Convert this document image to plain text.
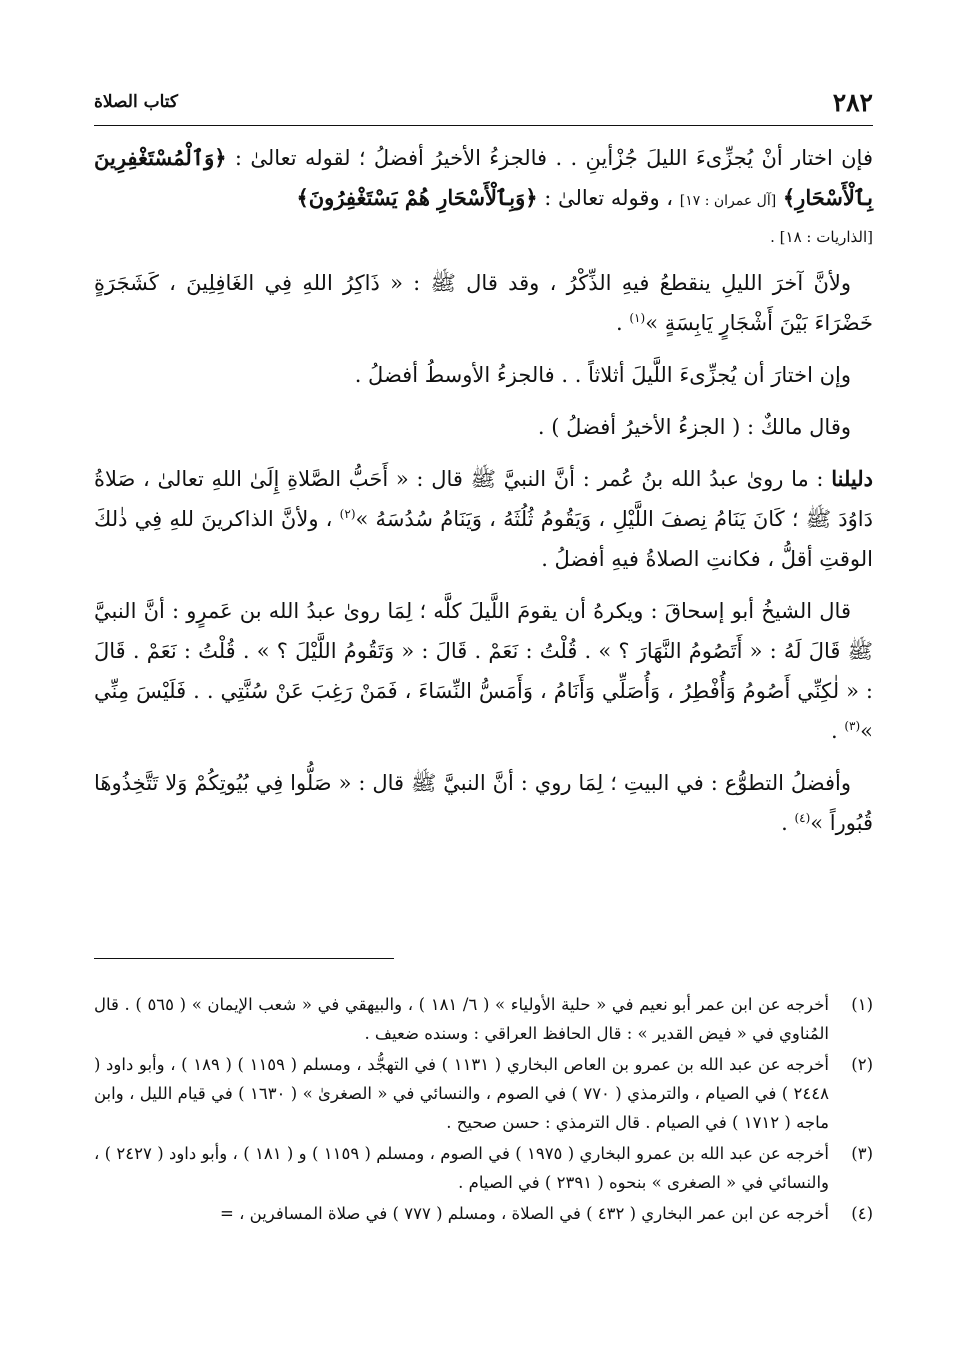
٢٨٢
كتاب الصلاة

فإن اختار أنْ يُجزِّىءَ الليلَ جُزْأينِ . . فالجزءُ الأخيرُ أفضلُ ؛ لقوله تعالىٰ : ﴿وَٱلْمُسْتَغْفِرِينَ بِٱلْأَسْحَارِ﴾ [آل عمران : ١٧] ، وقوله تعالىٰ : ﴿وَبِٱلْأَسْحَارِ هُمْ يَسْتَغْفِرُونَ﴾

[الذاريات : ١٨] .

ولأنَّ آخرَ الليلِ ينقطعُ فيهِ الذِّكْرُ ، وقد قال ﷺ : « ذَاكِرُ اللهِ فِي الغَافِلِينَ ، كَشَجَرَةٍ خَضْرَاءَ بَيْنَ أَشْجَارٍ يَابِسَةٍ »$^{(١)}$ .

وإن اختارَ أن يُجزِّىءَ اللَّيلَ أثلاثاً . . فالجزءُ الأوسطُ أفضلُ .

وقال مالكٌ : ( الجزءُ الأخيرُ أفضلُ ) .

دليلنا : ما روىٰ عبدُ الله بنُ عُمر : أنَّ النبيَّ ﷺ قال : « أَحَبُّ الصَّلاةِ إِلَىٰ اللهِ تعالىٰ ، صَلاةُ دَاوُدَ ﷺ ؛ كَانَ يَنَامُ نِصفَ اللَّيْلِ ، وَيَقُومُ ثُلُثَهُ ، وَيَنَامُ سُدُسَهُ »$^{(٢)}$ ، ولأنَّ الذاكرينَ للهِ فِي ذٰلكَ الوقتِ أقلُّ ، فكانتِ الصلاةُ فيهِ أفضلُ .

قال الشيخُ أبو إسحاقَ : ويكرهُ أن يقومَ اللَّيلَ كلَّه ؛ لِمَا روىٰ عبدُ الله بن عَمرٍو : أنَّ النبيَّ ﷺ قَالَ لَهُ : « أَتَصُومُ النَّهَارَ ؟ » . قُلْتُ : نَعَمْ . قَالَ : « وَتَقُومُ اللَّيْلَ ؟ » . قُلْتُ : نَعَمْ . قَالَ : « لٰكِنِّي أَصُومُ وَأُفْطِرُ ، وَأُصَلِّي وَأَنَامُ ، وَأَمَسُّ النِّسَاءَ ، فَمَنْ رَغِبَ عَنْ سُنَّتِي . . فَلَيْسَ مِنِّي »$^{(٣)}$ .

وأفضلُ التطوُّع : في البيتِ ؛ لِمَا روي : أنَّ النبيَّ ﷺ قال : « صَلُّوا فِي بُيُوتِكُمْ وَلا تَتَّخِذُوهَا قُبُوراً »$^{(٤)}$ .

(١)
أخرجه عن ابن عمر أبو نعيم في « حلية الأولياء » ( ٦/ ١٨١ ) ، والبيهقي في « شعب الإيمان » ( ٥٦٥ ) . قال المُناوي في « فيض القدير » : قال الحافظ العراقي : وسنده ضعيف .
(٢)
أخرجه عن عبد الله بن عمرو بن العاص البخاري ( ١١٣١ ) في التهجُّد ، ومسلم ( ١١٥٩ ) ( ١٨٩ ) ، وأبو داود ( ٢٤٤٨ ) في الصيام ، والترمذي ( ٧٧٠ ) في الصوم ، والنسائي في « الصغرىٰ » ( ١٦٣٠ ) في قيام الليل ، وابن ماجه ( ١٧١٢ ) في الصيام . قال الترمذي : حسن صحيح .
(٣)
أخرجه عن عبد الله بن عمرو البخاري ( ١٩٧٥ ) في الصوم ، ومسلم ( ١١٥٩ ) و ( ١٨١ ) ، وأبو داود ( ٢٤٢٧ ) ، والنسائي في « الصغرى » بنحوه ( ٢٣٩١ ) في الصيام .
(٤)
أخرجه عن ابن عمر البخاري ( ٤٣٢ ) في الصلاة ، ومسلم ( ٧٧٧ ) في صلاة المسافرين ، =
